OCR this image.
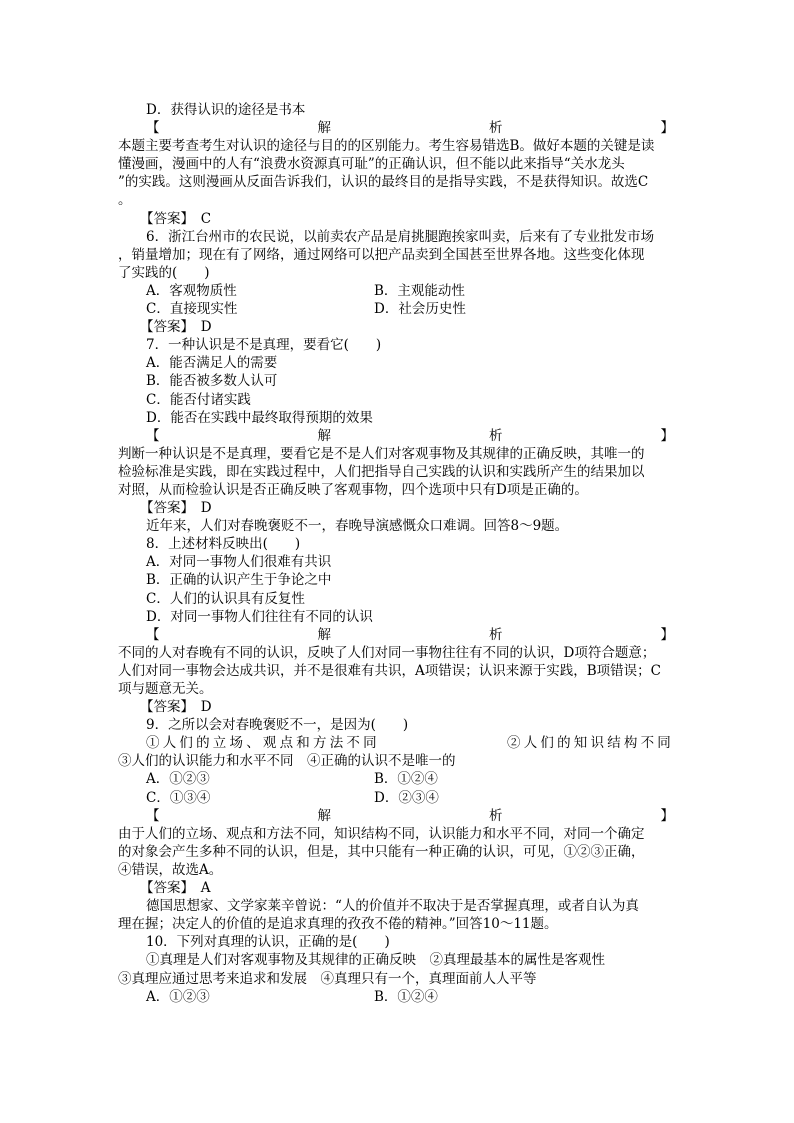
D．获得认识的途径是书本
【	解	析	】
本题主要考查考生对认识的途径与目的的区别能力。考生容易错选B。做好本题的关键是读
懂漫画，漫画中的人有“浪费水资源真可耻”的正确认识，但不能以此来指导“关水龙头
”的实践。这则漫画从反面告诉我们，认识的最终目的是指导实践，不是获得知识。故选C
。
【答案】　C
6．浙江台州市的农民说，以前卖农产品是肩挑腿跑挨家叫卖，后来有了专业批发市场
，销量增加；现在有了网络，通过网络可以把产品卖到全国甚至世界各地。这些变化体现
了实践的(　　)
A．客观物质性	B．主观能动性
C．直接现实性	D．社会历史性
【答案】　D
7．一种认识是不是真理，要看它(　　)
A．能否满足人的需要
B．能否被多数人认可
C．能否付诸实践
D．能否在实践中最终取得预期的效果
【	解	析	】
判断一种认识是不是真理，要看它是不是人们对客观事物及其规律的正确反映，其唯一的
检验标准是实践，即在实践过程中，人们把指导自己实践的认识和实践所产生的结果加以
对照，从而检验认识是否正确反映了客观事物，四个选项中只有D项是正确的。
【答案】　D
近年来，人们对春晚褒贬不一，春晚导演感慨众口难调。回答8～9题。
8．上述材料反映出(　　)
A．对同一事物人们很难有共识
B．正确的认识产生于争论之中
C．人们的认识具有反复性
D．对同一事物人们往往有不同的认识
【	解	析	】
不同的人对春晚有不同的认识，反映了人们对同一事物往往有不同的认识，D项符合题意；
人们对同一事物会达成共识，并不是很难有共识，A项错误；认识来源于实践，B项错误；C
项与题意无关。
【答案】　D
9．之所以会对春晚褒贬不一，是因为(　　)
①人们的立场、观点和方法不同	②人们的知识结构不同
③人们的认识能力和水平不同　④正确的认识不是唯一的
A．①②③	B．①②④
C．①③④	D．②③④
【	解	析	】
由于人们的立场、观点和方法不同，知识结构不同，认识能力和水平不同，对同一个确定
的对象会产生多种不同的认识，但是，其中只能有一种正确的认识，可见，①②③正确，
④错误，故选A。
【答案】　A
德国思想家、文学家莱辛曾说：“人的价值并不取决于是否掌握真理，或者自认为真
理在握；决定人的价值的是追求真理的孜孜不倦的精神。”回答10～11题。
10．下列对真理的认识，正确的是(　　)
①真理是人们对客观事物及其规律的正确反映　②真理最基本的属性是客观性
③真理应通过思考来追求和发展　④真理只有一个，真理面前人人平等
A．①②③	B．①②④
